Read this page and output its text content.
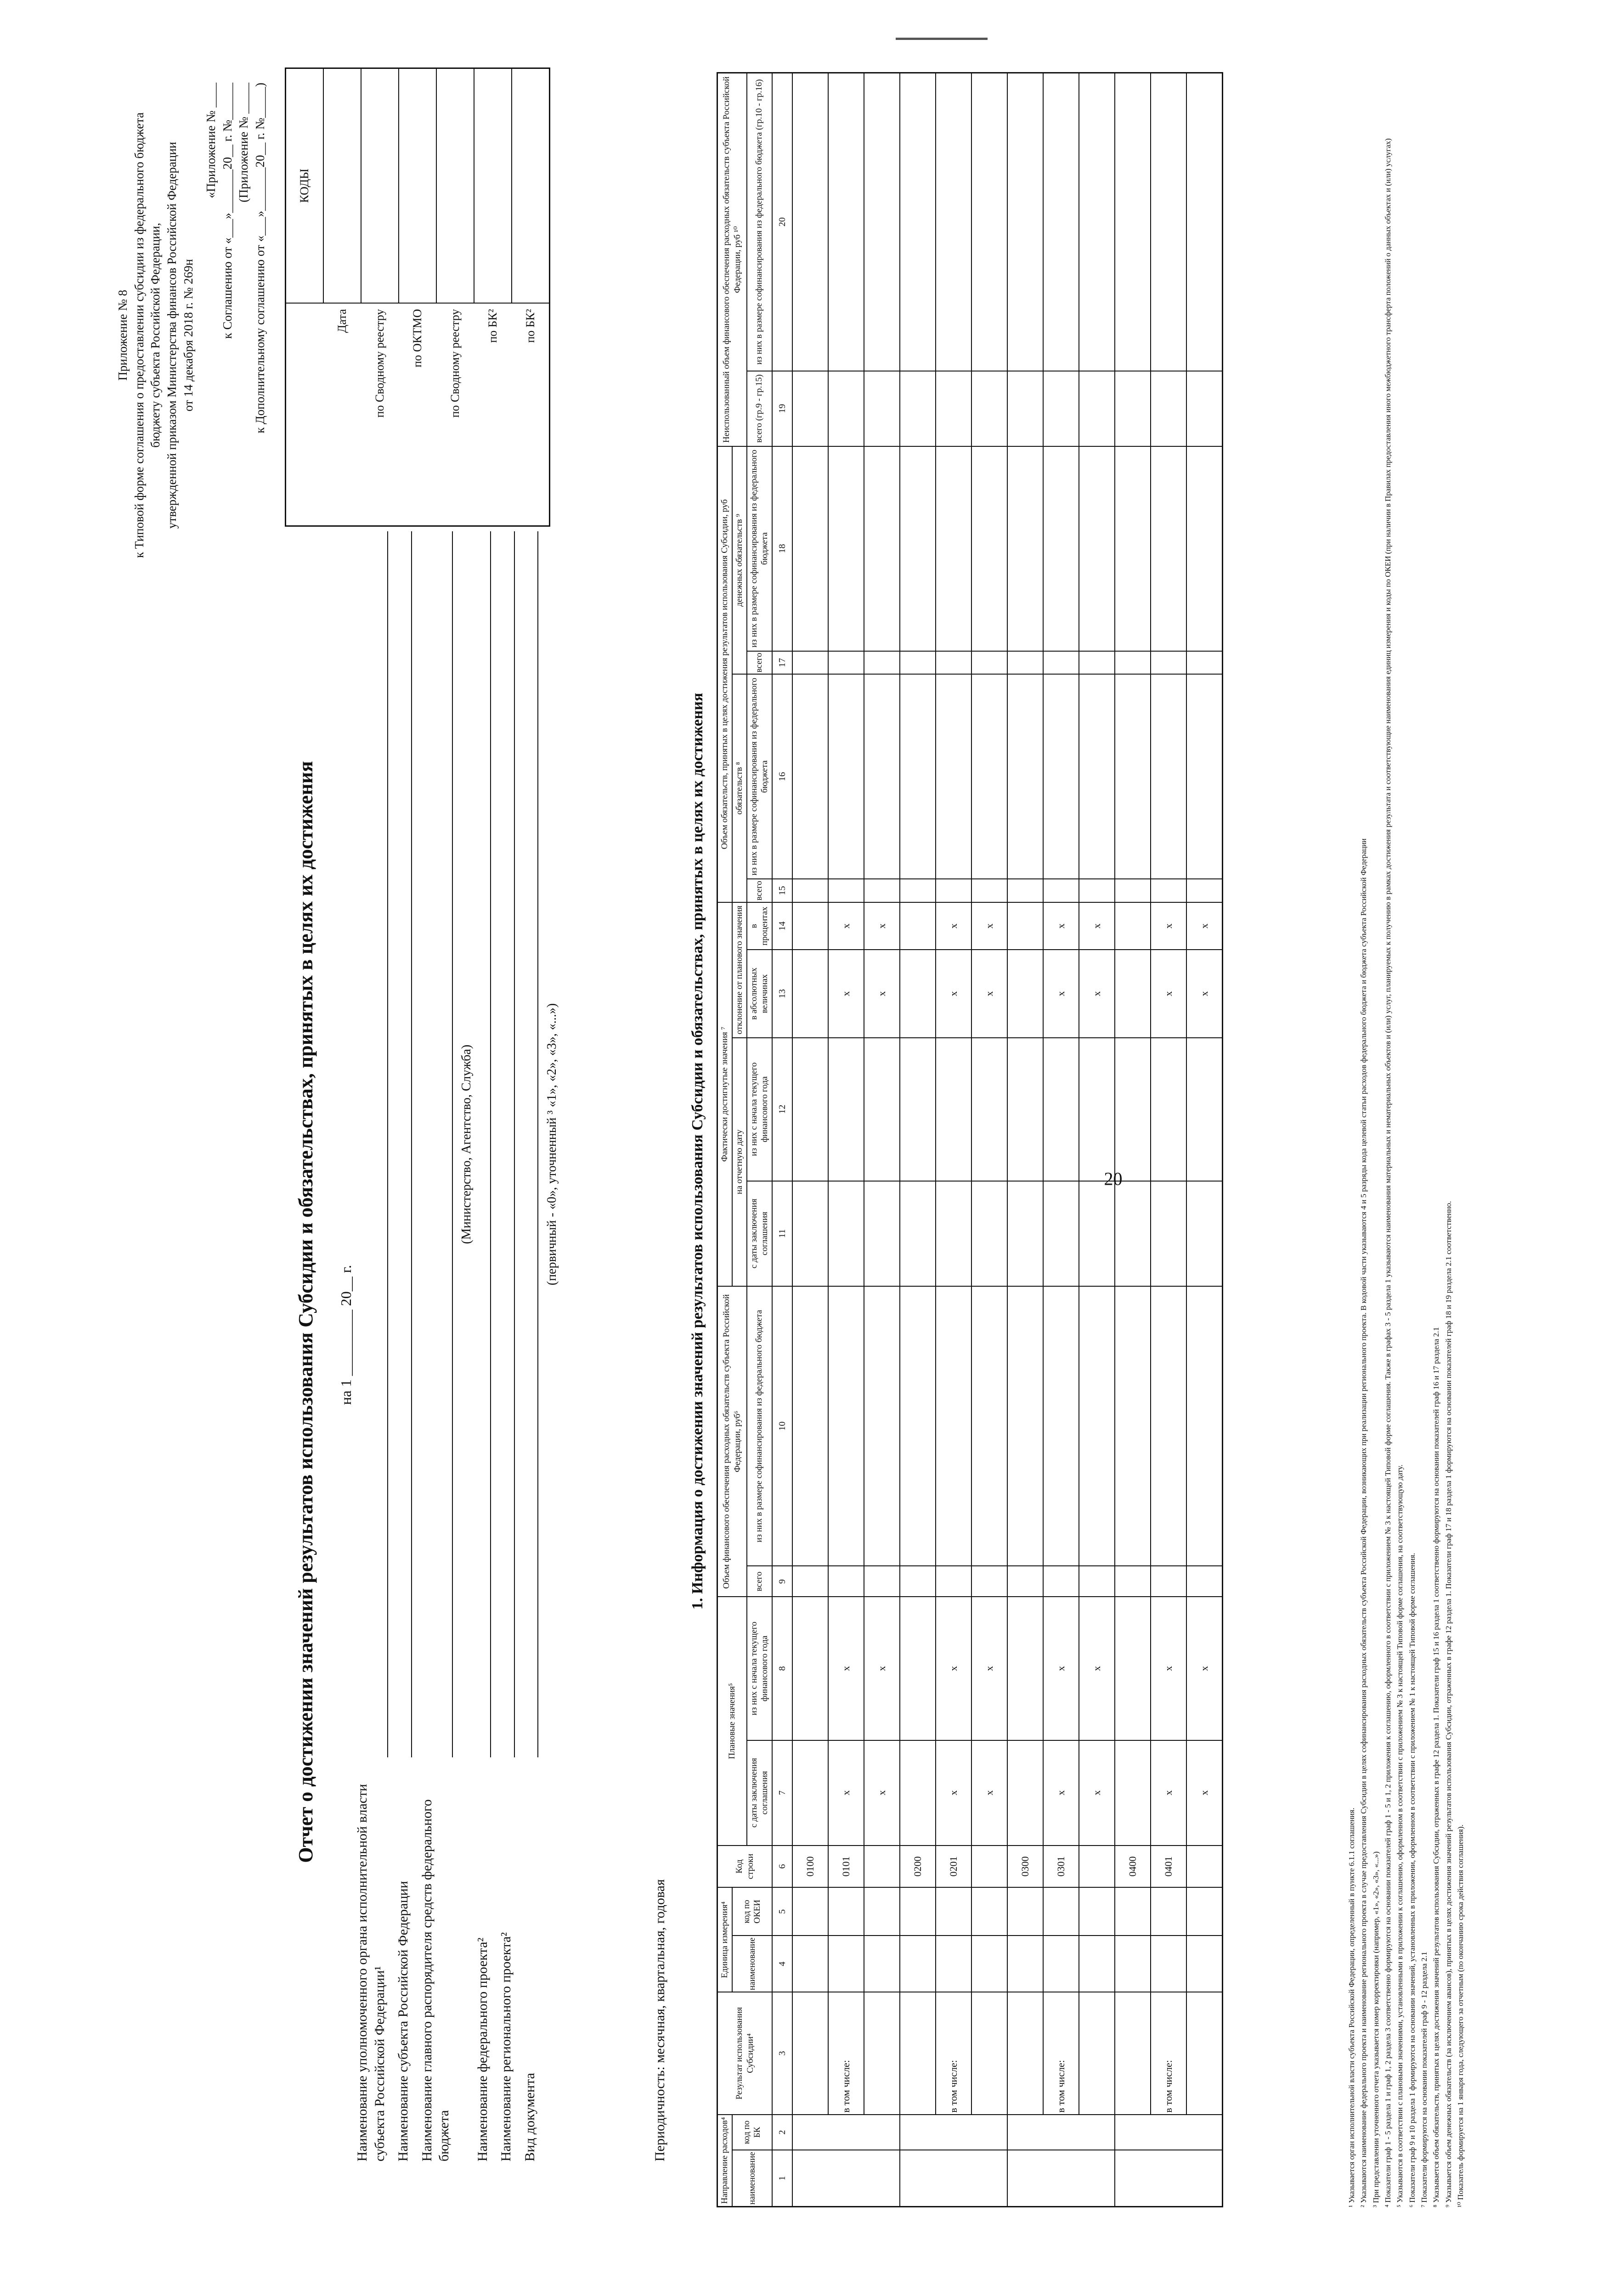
20
Приложение № 8 к Типовой форме соглашения о предоставлении субсидии из федерального бюджета бюджету субъекта Российской Федерации, утвержденной приказом Министерства финансов Российской Федерации от 14 декабря 2018 г. № 269н
«Приложение № ____ к Соглашению от «___»_______20__ г. №______ (Приложение № _____ к Дополнительному соглашению от «___»_______20__ г. №_____)
Отчет о достижении значений результатов использования Субсидии и обязательствах, принятых в целях их достижения на 1 _________ 20__ г.
	КОДЫ
Дата	
по Сводному реестру	
по ОКТМО	
по Сводному реестру	
по БК²	
по БК²	
Наименование уполномоченного органа исполнительной власти субъекта Российской Федерации¹ Наименование субъекта Российской Федерации Наименование главного распорядителя средств федерального бюджета
(Министерство, Агентство, Служба)
Наименование федерального проекта² Наименование регионального проекта² Вид документа
(первичный - «0», уточненный ³ «1», «2», «3», «...»)
Периодичность: месячная, квартальная, годовая
1. Информация о достижении значений результатов использования Субсидии и обязательствах, принятых в целях их достижения
Направление расходов⁴		Результат использования Субсидии⁴	Единица измерения⁴		Код строки	Плановые значения⁵		Объем финансового обеспечения расходных обязательств субъекта Российской Федерации, руб⁶		Фактически достигнутые значения ⁷				Объем обязательств, принятых в целях достижения результатов использования Субсидии, руб				Неиспользованный объем финансового обеспечения расходных обязательств субъекта Российской Федерации, руб ¹⁰	
наименование	код по БК		наименование	код по ОКЕИ						на отчетную дату		отклонение от планового значения		обязательств ⁸		денежных обязательств ⁹			
						с даты заключения соглашения	из них с начала текущего финансового года	всего	из них в размере софинансирования из федерального бюджета	с даты заключения соглашения	из них с начала текущего финансового года	в абсолютных величинах	в процентах	всего	из них в размере софинансирования из федерального бюджета	всего	из них в размере софинансирования из федерального бюджета	всего (гр.9 - гр.15)	из них в размере софинансирования из федерального бюджета (гр.10 - гр.16)
1	2	3	4	5	6	7	8	9	10	11	12	13	14	15	16	17	18	19	20
					0100														
		в том числе:			0101	x	x					x	x						
						x	x					x	x						
					0200														
		в том числе:			0201	x	x					x	x						
						x	x					x	x						
					0300														
		в том числе:			0301	x	x					x	x						
						x	x					x	x						
					0400														
		в том числе:			0401	x	x					x	x						
						x	x					x	x						

¹ Указывается орган исполнительной власти субъекта Российской Федерации, определенный в пункте 6.1.1 соглашения. ² Указываются наименование федерального проекта и наименование регионального проекта в случае предоставления Субсидии в целях софинансирования расходных обязательств субъекта Российской Федерации, возникающих при реализации регионального проекта. В кодовой части указываются 4 и 5 разряды кода целевой статьи расходов федерального бюджета и бюджета субъекта Российской Федерации ³ При представлении уточненного отчета указывается номер корректировки (например, «1», «2», «3», «...») ⁴ Показатели граф 1 - 5 раздела 1 и граф 1, 2 раздела 3 соответственно формируются на основании показателей граф 1 - 5 и 1, 2 приложения к соглашению, оформленного в соответствии с приложением № 3 к настоящей Типовой форме соглашения. Также в графах 3 - 5 раздела 1 указываются наименования материальных и нематериальных объектов и (или) услуг, планируемых к получению в рамках достижения результата и соответствующие наименования единиц измерения и коды по ОКЕИ (при наличии в Правилах предоставления иного межбюджетного трансферта положений о данных объектах и (или) услугах) ⁵ Указываются в соответствии с плановыми значениями, установленными в приложении к соглашению, оформленном в соответствии с приложением № 3 к настоящей Типовой форме соглашения, на соответствующую дату. ⁶ Показатели граф 9 и 10 раздела 1 формируются на основании значений, установленных в приложении, оформленном в соответствии с приложением № 1 к настоящей Типовой форме соглашения. ⁷ Показатели формируются на основании показателей граф 9 - 12 раздела 2.1 ⁸ Указывается объем обязательств, принятых в целях достижения значений результатов использования Субсидии, отраженных в графе 12 раздела 1. Показатели граф 15 и 16 раздела 1 соответственно формируются на основании показателей граф 16 и 17 раздела 2.1 ⁹ Указывается объем денежных обязательств (за исключением авансов), принятых в целях достижения значений результатов использования Субсидии, отраженных в графе 12 раздела 1. Показатели граф 17 и 18 раздела 1 формируются на основании показателей граф 18 и 19 раздела 2.1 соответственно. ¹⁰ Показатель формируется на 1 января года, следующего за отчетным (по окончанию срока действия соглашения).
